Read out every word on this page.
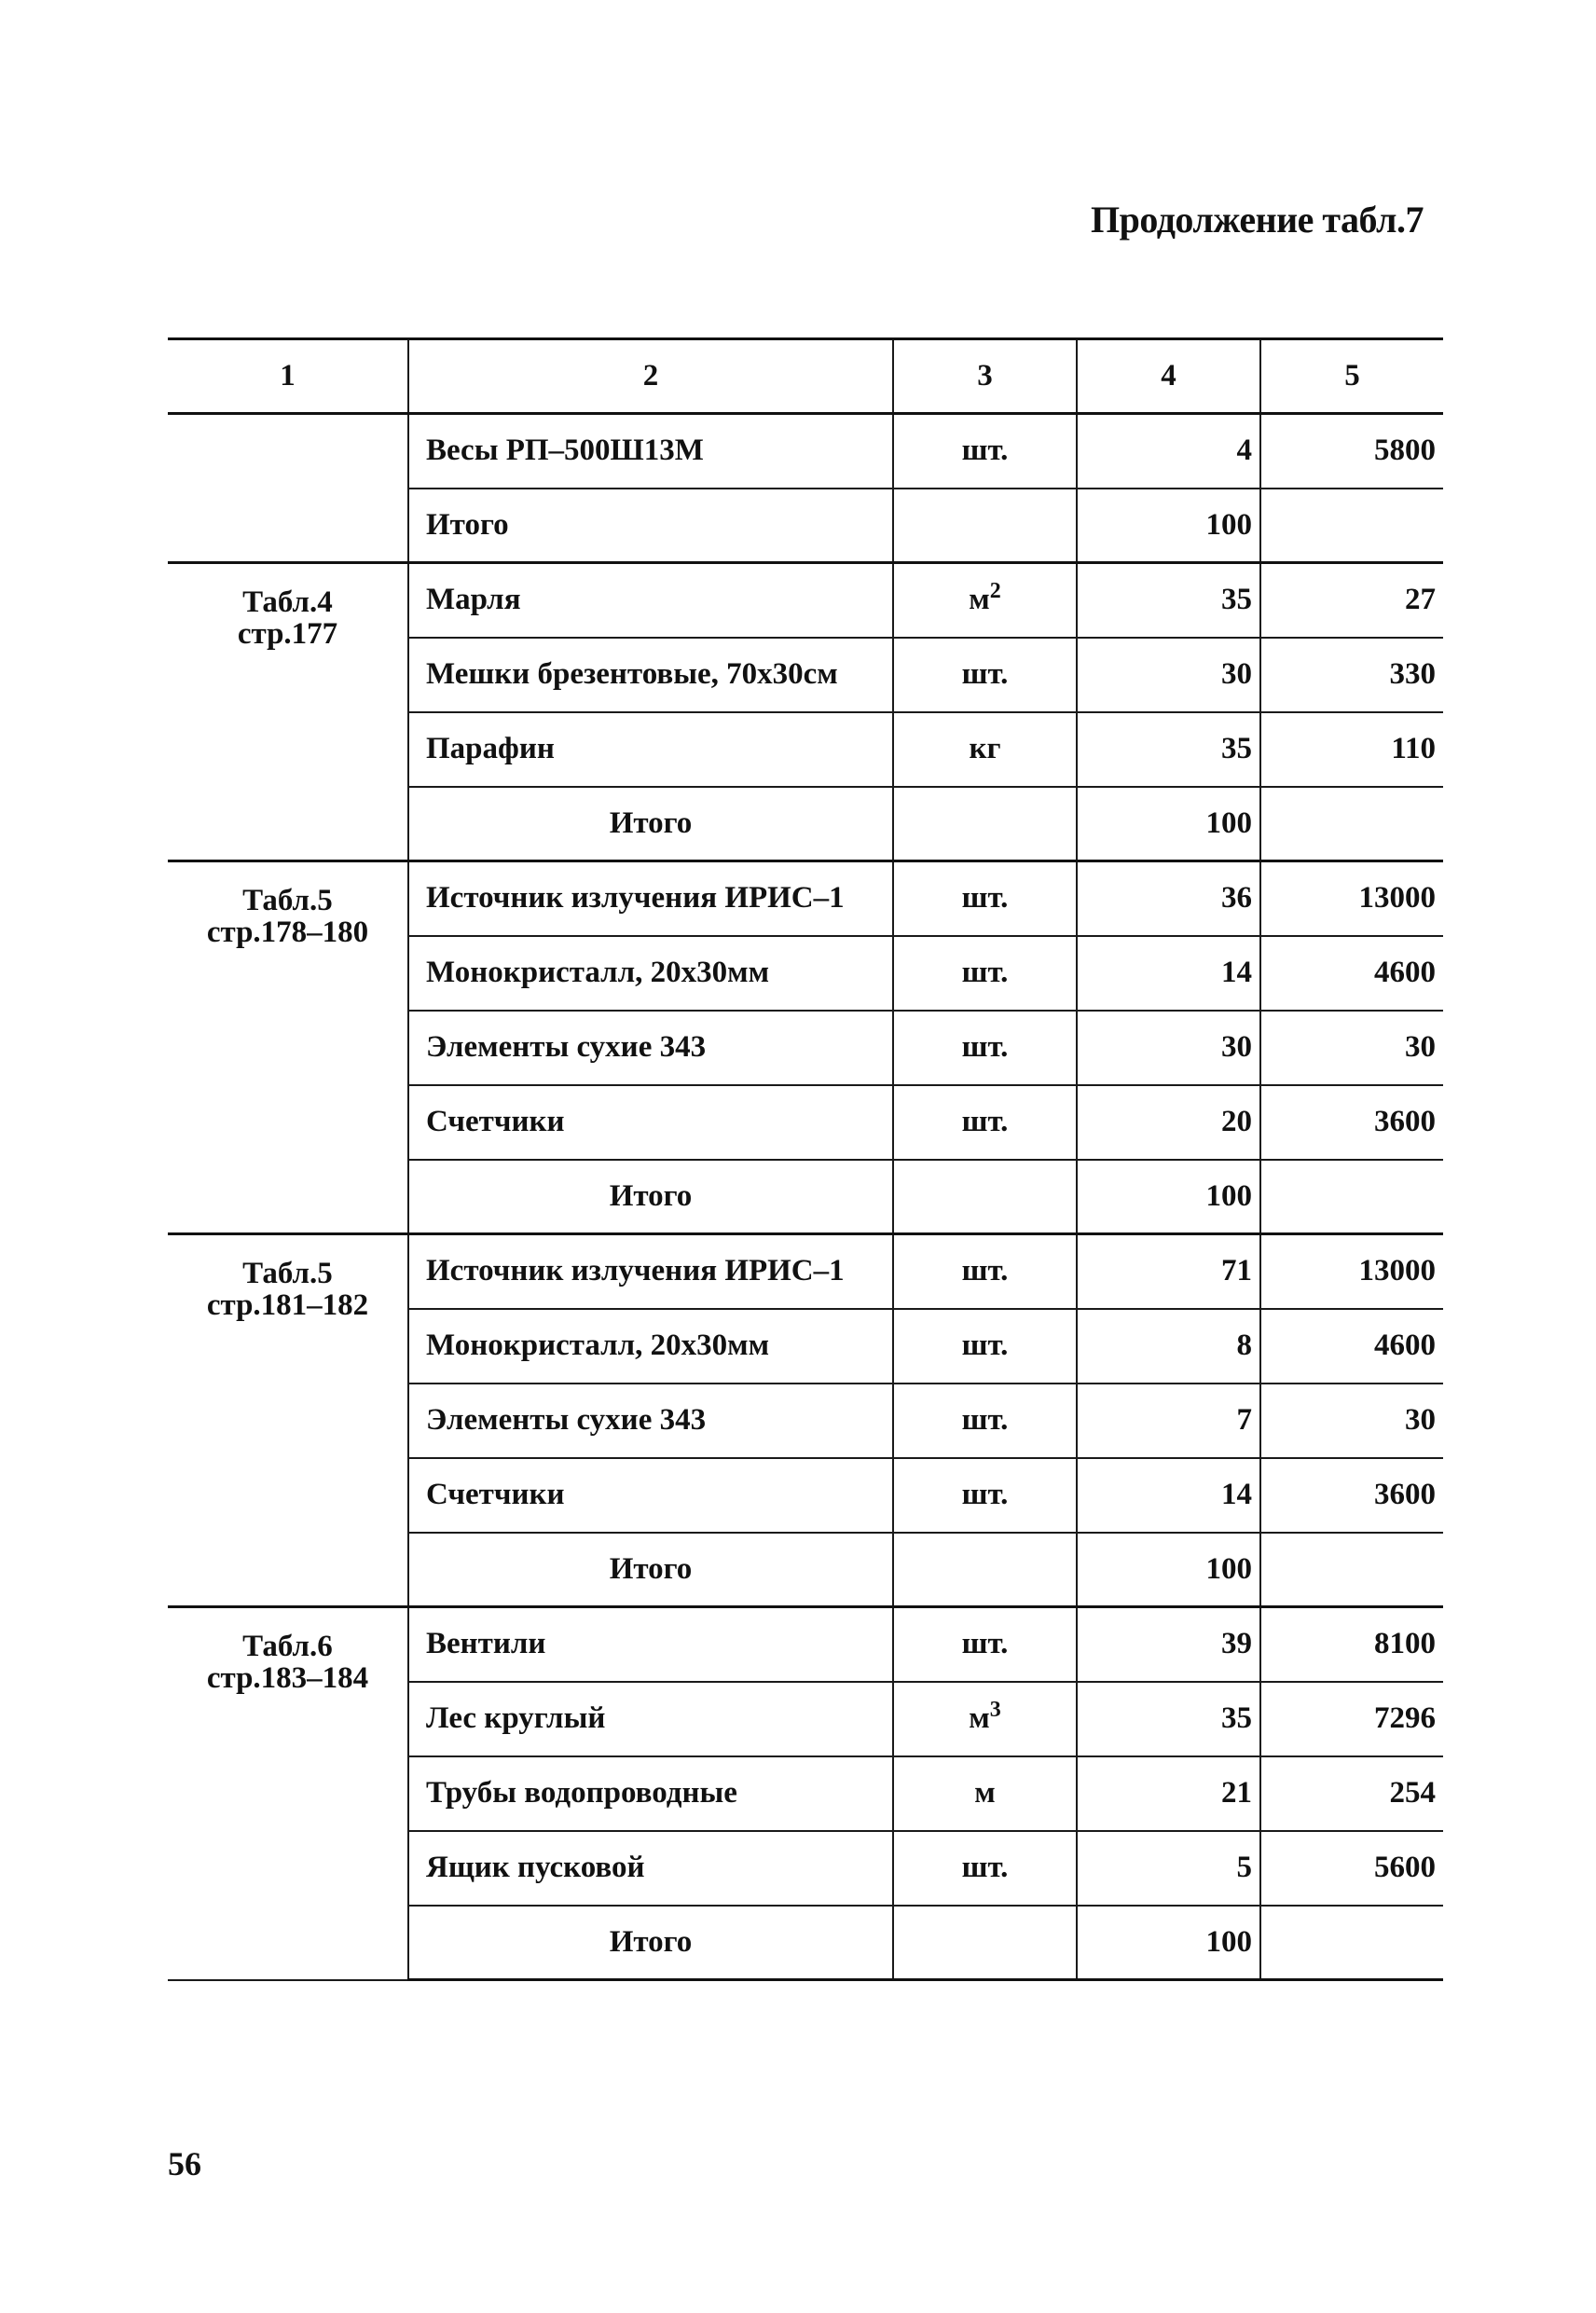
Продолжение табл.7
1	2	3	4	5
	Весы РП–500Ш13М	шт.	4	5800
	Итого		100	
Табл.4
стр.177	Марля	$м^2$	35	27
	Мешки брезентовые, 70х30см	шт.	30	330
	Парафин	кг	35	110
	Итого		100	
Табл.5
стр.178–180	Источник излучения ИРИС–1	шт.	36	13000
	Монокристалл, 20х30мм	шт.	14	4600
	Элементы сухие 343	шт.	30	30
	Счетчики	шт.	20	3600
	Итого		100	
Табл.5
стр.181–182	Источник излучения ИРИС–1	шт.	71	13000
	Монокристалл, 20х30мм	шт.	8	4600
	Элементы сухие 343	шт.	7	30
	Счетчики	шт.	14	3600
	Итого		100	
Табл.6
стр.183–184	Вентили	шт.	39	8100
	Лес круглый	$м^3$	35	7296
	Трубы водопроводные	м	21	254
	Ящик пусковой	шт.	5	5600
	Итого		100	
56
